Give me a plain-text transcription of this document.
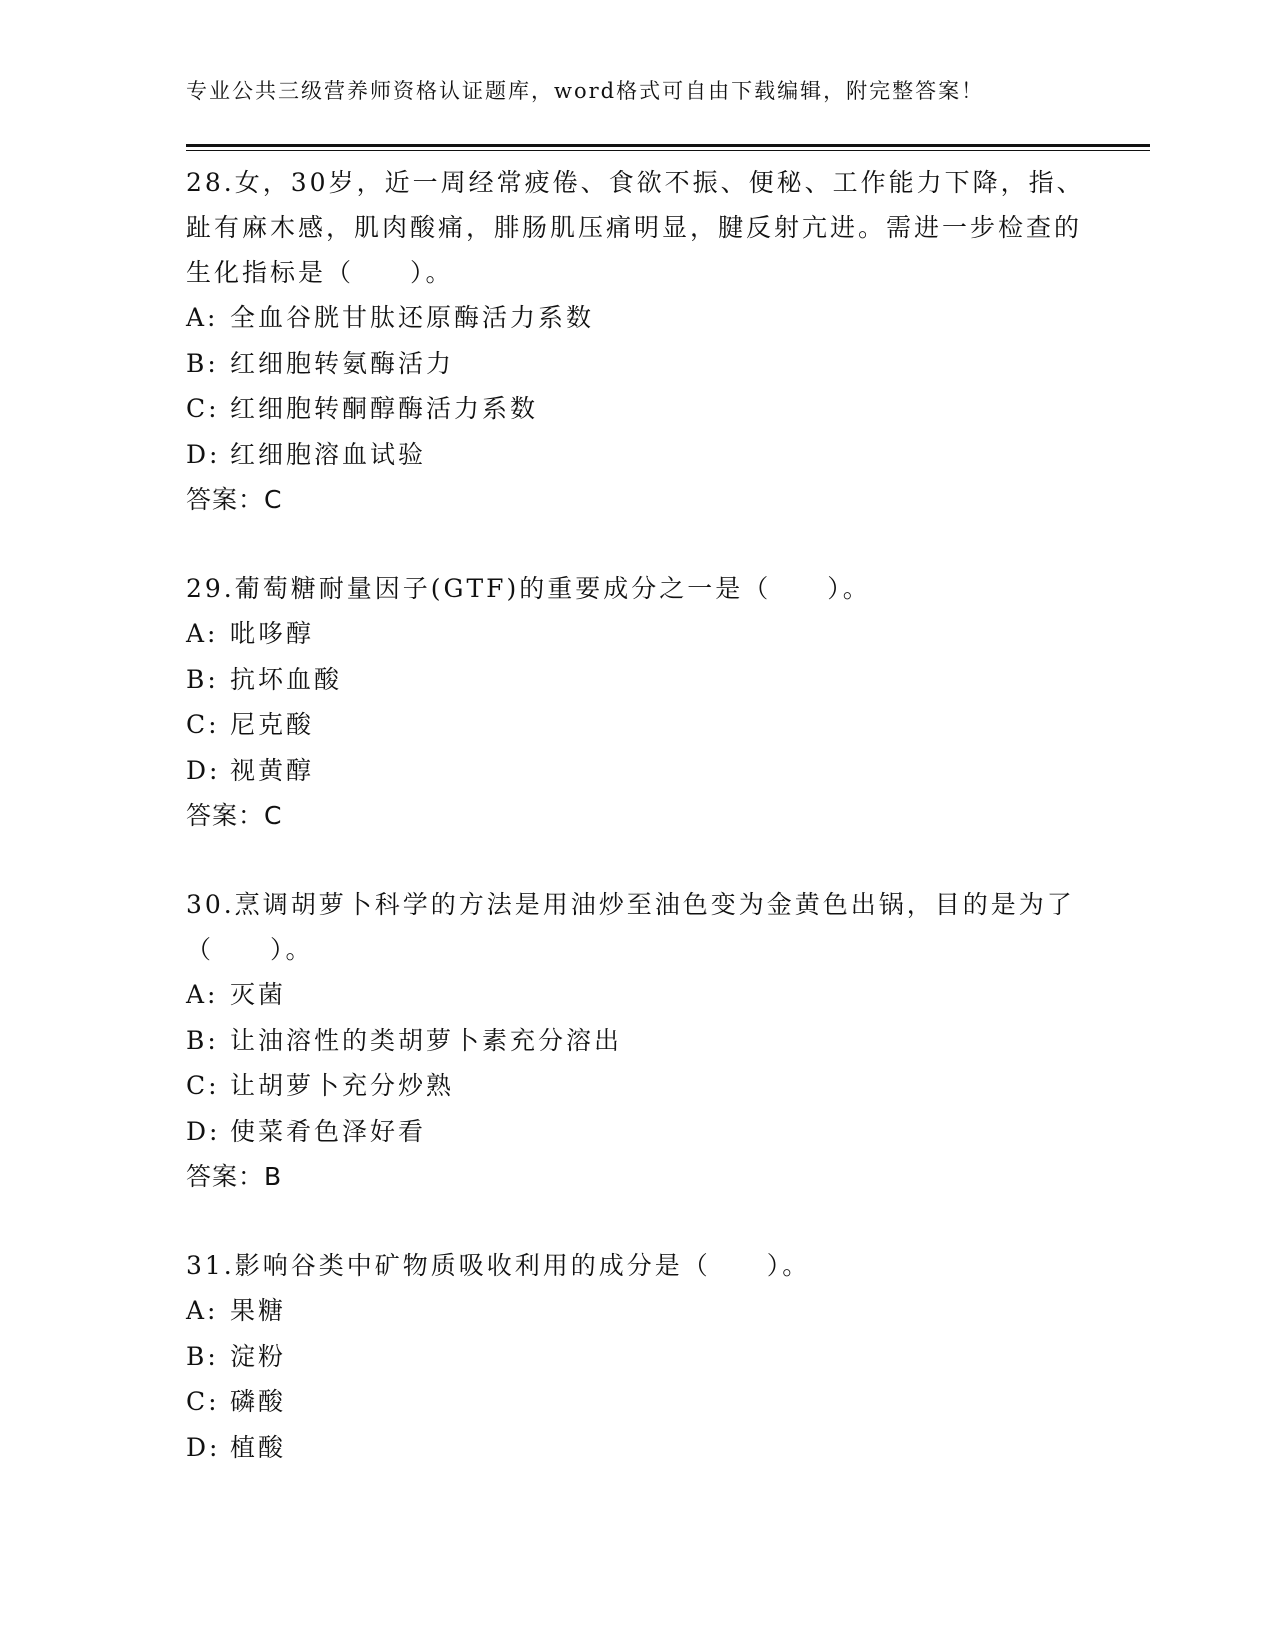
专业公共三级营养师资格认证题库，word格式可自由下载编辑，附完整答案！
28.女，30岁，近一周经常疲倦、食欲不振、便秘、工作能力下降，指、趾有麻木感，肌肉酸痛，腓肠肌压痛明显，腱反射亢进。需进一步检查的生化指标是（　　）。
A: 全血谷胱甘肽还原酶活力系数
B: 红细胞转氨酶活力
C: 红细胞转酮醇酶活力系数
D: 红细胞溶血试验
答案：C
29.葡萄糖耐量因子(GTF)的重要成分之一是（　　）。
A: 吡哆醇
B: 抗坏血酸
C: 尼克酸
D: 视黄醇
答案：C
30.烹调胡萝卜科学的方法是用油炒至油色变为金黄色出锅，目的是为了（　　）。
A: 灭菌
B: 让油溶性的类胡萝卜素充分溶出
C: 让胡萝卜充分炒熟
D: 使菜肴色泽好看
答案：B
31.影响谷类中矿物质吸收利用的成分是（　　）。
A: 果糖
B: 淀粉
C: 磷酸
D: 植酸
